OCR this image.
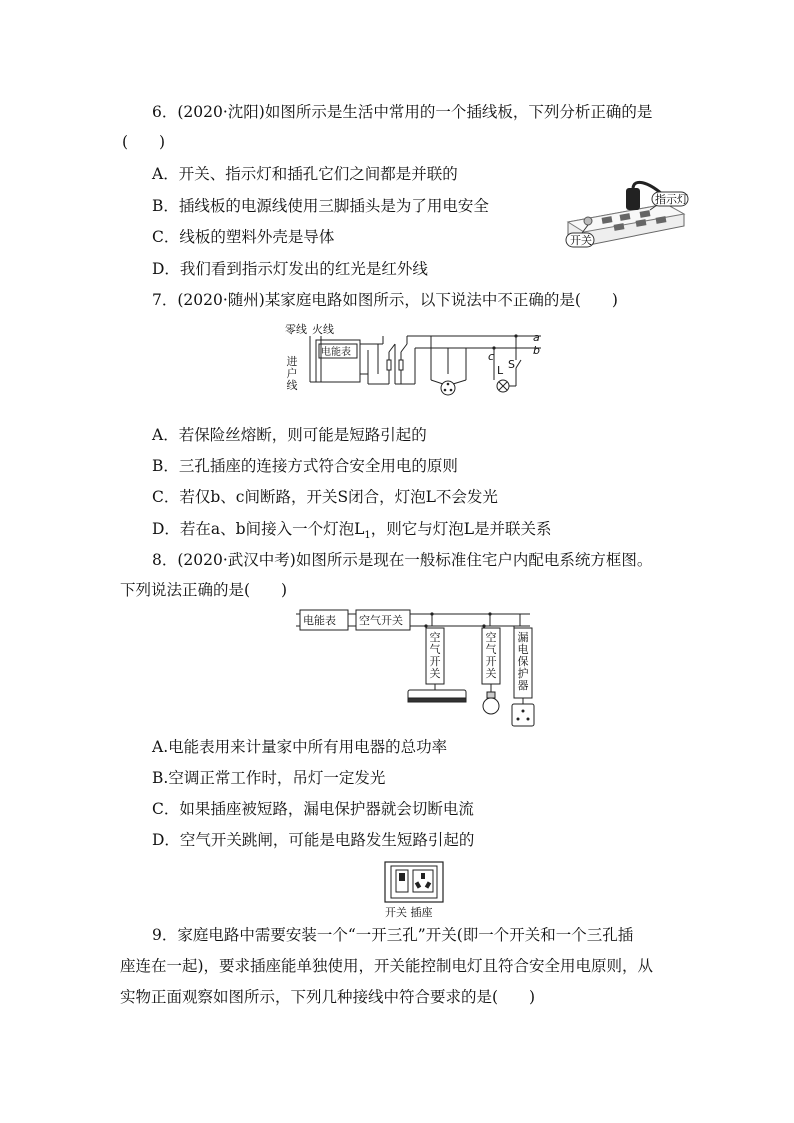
6．(2020·沈阳)如图所示是生活中常用的一个插线板，下列分析正确的是
(　　)
A．开关、指示灯和插孔它们之间都是并联的
B．插线板的电源线使用三脚插头是为了用电安全
C．线板的塑料外壳是导体
D．我们看到指示灯发出的红光是红外线
指示灯
开关
7．(2020·随州)某家庭电路如图所示，以下说法中不正确的是(　　)
零线 火线
电能表
a
b
c
S
L
进户线
A．若保险丝熔断，则可能是短路引起的
B．三孔插座的连接方式符合安全用电的原则
C．若仅b、c间断路，开关S闭合，灯泡L不会发光
D．若在a、b间接入一个灯泡$L_1$，则它与灯泡L是并联关系
8．(2020·武汉中考)如图所示是现在一般标准住宅户内配电系统方框图。
下列说法正确的是(　　)
电能表 空气开关
空气开关
空气开关
漏电保护器
A.电能表用来计量家中所有用电器的总功率
B.空调正常工作时，吊灯一定发光
C．如果插座被短路，漏电保护器就会切断电流
D．空气开关跳闸，可能是电路发生短路引起的
开关 插座
9．家庭电路中需要安装一个“一开三孔”开关(即一个开关和一个三孔插
座连在一起)，要求插座能单独使用，开关能控制电灯且符合安全用电原则，从
实物正面观察如图所示，下列几种接线中符合要求的是(　　)
